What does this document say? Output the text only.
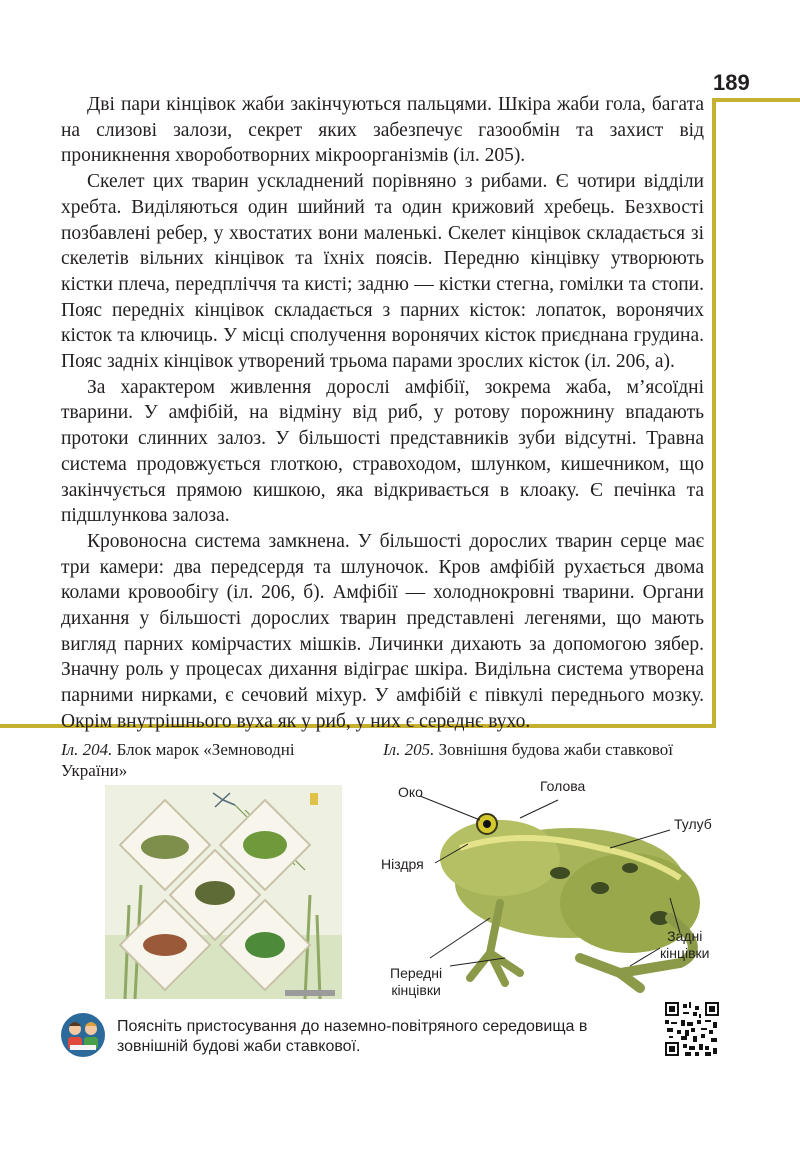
189

Дві пари кінцівок жаби закінчуються пальцями. Шкіра жаби гола, багата на слизові залози, секрет яких забезпечує газообмін та захист від проникнення хвороботворних мікроорганізмів (іл. 205).

Скелет цих тварин ускладнений порівняно з рибами. Є чотири відділи хребта. Виділяються один шийний та один крижовий хребець. Безхвості позбавлені ребер, у хвостатих вони маленькі. Скелет кінцівок складається зі скелетів вільних кінцівок та їхніх поясів. Передню кінцівку утворюють кістки плеча, передпліччя та кисті; задню — кістки стегна, гомілки та стопи. Пояс передніх кінцівок складається з парних кісток: лопаток, воронячих кісток та ключиць. У місці сполучення воронячих кісток приєднана грудина. Пояс задніх кінцівок утворений трьома парами зрослих кісток (іл. 206, а).

За характером живлення дорослі амфібії, зокрема жаба, м’ясоїдні тварини. У амфібій, на відміну від риб, у ротову порожнину впадають протоки слинних залоз. У більшості представників зуби відсутні. Травна система продовжується глоткою, стравоходом, шлунком, кишечником, що закінчується прямою кишкою, яка відкривається в клоаку. Є печінка та підшлункова залоза.

Кровоносна система замкнена. У більшості дорослих тварин серце має три камери: два передсердя та шлуночок. Кров амфібій рухається двома колами кровообігу (іл. 206, б). Амфібії — холоднокровні тварини. Органи дихання у більшості дорослих тварин представлені легенями, що мають вигляд парних комірчастих мішків. Личинки дихають за допомогою зябер. Значну роль у процесах дихання відіграє шкіра. Видільна система утворена парними нирками, є сечовий міхур. У амфібій є півкулі переднього мозку. Окрім внутрішнього вуха як у риб, у них є середнє вухо.

Іл. 204. Блок марок «Земноводні України»
Іл. 205. Зовнішня будова жаби ставкової
Око	Голова
Тулуб
Ніздря
Передні
кінцівки
Задні
кінцівки
Поясніть пристосування до наземно-повітряного середовища в зовнішній будові жаби ставкової.
